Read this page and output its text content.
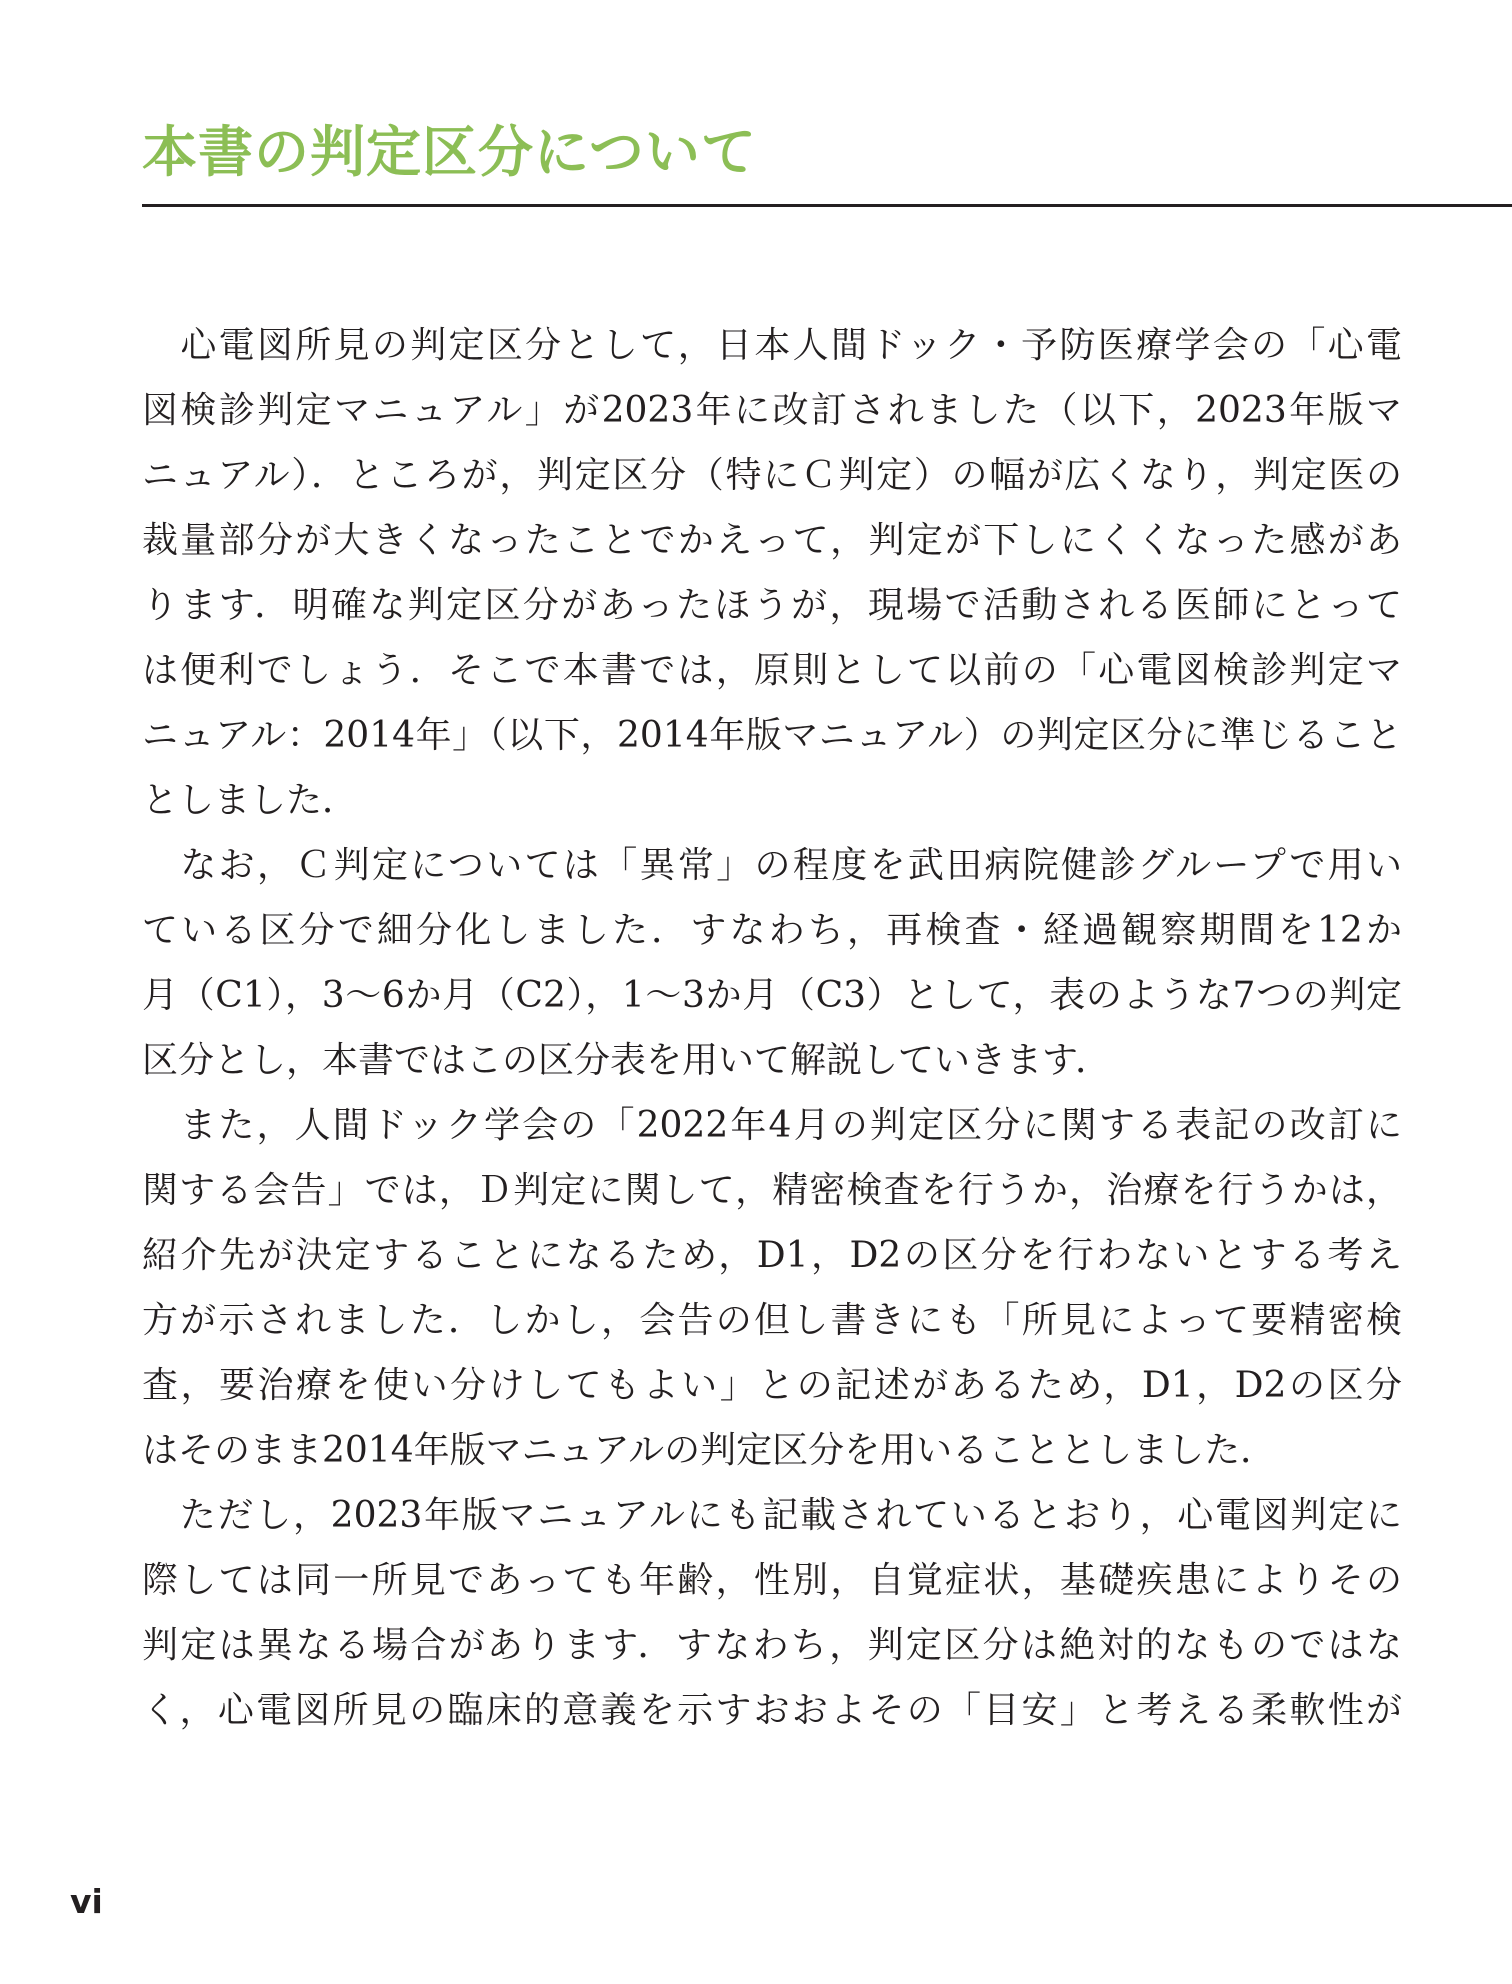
本書の判定区分について
　心電図所見の判定区分として，日本人間ドック・予防医療学会の「心電
図検診判定マニュアル」が2023年に改訂されました（以下，2023年版マ
ニュアル）．ところが，判定区分（特にＣ判定）の幅が広くなり，判定医の
裁量部分が大きくなったことでかえって，判定が下しにくくなった感があ
ります．明確な判定区分があったほうが，現場で活動される医師にとって
は便利でしょう．そこで本書では，原則として以前の「心電図検診判定マ
ニュアル：2014年」（以下，2014年版マニュアル）の判定区分に準じること
としました．
　なお，Ｃ判定については「異常」の程度を武田病院健診グループで用い
ている区分で細分化しました．すなわち，再検査・経過観察期間を12か
月（C1），3〜6か月（C2），1〜3か月（C3）として，表のような7つの判定
区分とし，本書ではこの区分表を用いて解説していきます．
　また，人間ドック学会の「2022年4月の判定区分に関する表記の改訂に
関する会告」では，Ｄ判定に関して，精密検査を行うか，治療を行うかは，
紹介先が決定することになるため，D1，D2の区分を行わないとする考え
方が示されました．しかし，会告の但し書きにも「所見によって要精密検
査，要治療を使い分けしてもよい」との記述があるため，D1，D2の区分
はそのまま2014年版マニュアルの判定区分を用いることとしました．
　ただし，2023年版マニュアルにも記載されているとおり，心電図判定に
際しては同一所見であっても年齢，性別，自覚症状，基礎疾患によりその
判定は異なる場合があります．すなわち，判定区分は絶対的なものではな
く，心電図所見の臨床的意義を示すおおよその「目安」と考える柔軟性が
vi
